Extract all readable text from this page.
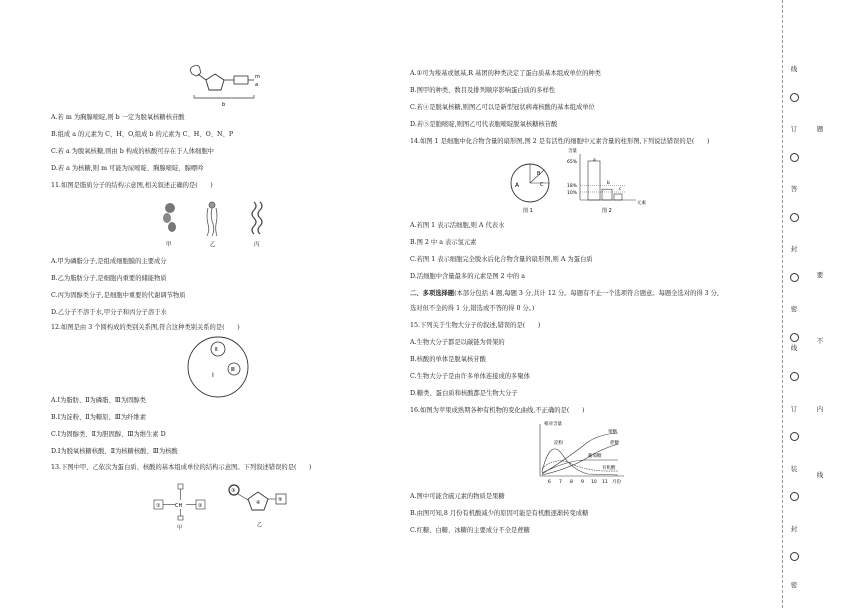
m
a
b
A.若 m 为胸腺嘧啶,则 b 一定为脱氧核糖核苷酸
B.组成 a 的元素为 C、H、O,组成 b 的元素为 C、H、O、N、P
C.若 a 为脱氧核糖,则由 b 构成的核酸可存在于人体细胞中
D.若 a 为核糖,则 m 可能为尿嘧啶、胸腺嘧啶、腺嘌呤
11.如图是脂质分子的结构示意图,相关叙述正确的是(　　)
甲	乙	丙
A.甲为磷脂分子,是组成细胞膜的主要成分
B.乙为脂肪分子,是细胞内重要的储能物质
C.丙为固醇类分子,是细胞中重要的代谢调节物质
D.乙分子不溶于水,甲分子和丙分子溶于水
12.如图是由 3 个圆构成的类别关系图,符合这种类别关系的是(　　)
Ⅱ
Ⅲ
Ⅰ
A.Ⅰ为脂肪、Ⅱ为磷脂、Ⅲ为固醇类
B.Ⅰ为淀粉、Ⅱ为糖原、Ⅲ为纤维素
C.Ⅰ为固醇类、Ⅱ为胆固醇、Ⅲ为维生素 D
D.Ⅰ为脱氧核糖核酸、Ⅱ为核糖核酸、Ⅲ为核酸
13.下图中甲、乙依次为蛋白质、核酸的基本组成单位的结构示意图。下列叙述错误的是(　　)
①	CH	②
甲
③
④	⑤
乙
A.①可为羧基或氨基,R 基团的种类决定了蛋白质基本组成单位的种类
B.图甲的种类、数目及排列顺序影响蛋白质的多样性
C.若④是脱氧核糖,则图乙可以是新型冠状病毒核酸的基本组成单位
D.若⑤是胞嘧啶,则图乙可代表胞嘧啶脱氧核糖核苷酸
14.如图 1 是细胞中化合物含量的扇形图,图 2 是有活性的细胞中元素含量的柱形图,下列说法错误的是(　　)
A
B
C
图 1
含量
65%
18%
10%
a
b
c
元素
图 2
A.若图 1 表示活细胞,则 A 代表水
B.图 2 中 a 表示氢元素
C.若图 1 表示细胞完全脱水后化合物含量的扇形图,则 A 为蛋白质
D.活细胞中含量最多的元素是图 2 中的 a
二、多项选择题(本部分包括 4 题,每题 3 分,共计 12 分。每题有不止一个选项符合题意。每题全选对的得 3 分,
选对但不全的得 1 分,错选或不答的得 0 分。)
15.下列关于生物大分子的叙述,错误的是(　　)
A.生物大分子都是以碳链为骨架的
B.核酸的单体是脱氧核苷酸
C.生物大分子是由许多单体连接成的多聚体
D.糖类、蛋白质和核酸都是生物大分子
16.如图为苹果成熟期各种有机物的变化曲线,不正确的是(　　)
相对含量
淀粉
果糖
蔗糖
葡萄糖
有机酸
6 7 8 9 10 11 月份
A.图中可能含硫元素的物质是果糖
B.由图可知,8 月份有机酸减少的原因可能是有机酸逐渐转变成糖
C.红糖、白糖、冰糖的主要成分不全是蔗糖
线
订	题
答
封
要
密
不
线
内
订
线
装
封
密
